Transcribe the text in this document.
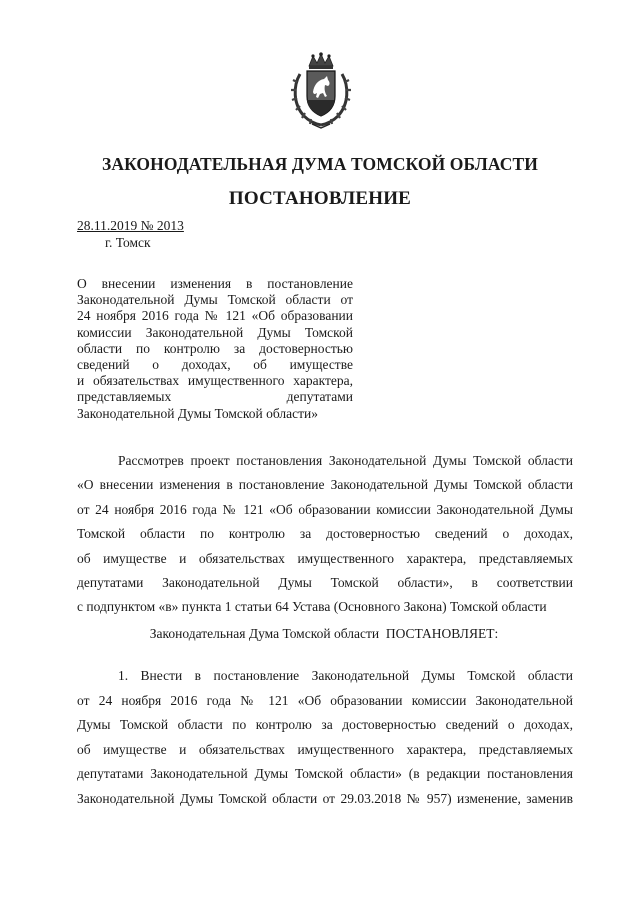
ЗАКОНОДАТЕЛЬНАЯ ДУМА ТОМСКОЙ ОБЛАСТИ
ПОСТАНОВЛЕНИЕ
28.11.2019 № 2013
г. Томск
О внесении изменения в постановление
Законодательной Думы Томской области от
24 ноября 2016 года № 121 «Об образовании
комиссии Законодательной Думы Томской
области по контролю за достоверностью
сведений о доходах, об имуществе
и обязательствах имущественного характера,
представляемых депутатами
Законодательной Думы Томской области»
Рассмотрев проект постановления Законодательной Думы Томской области
«О внесении изменения в постановление Законодательной Думы Томской области
от 24 ноября 2016 года № 121 «Об образовании комиссии Законодательной Думы
Томской области по контролю за достоверностью сведений о доходах,
об имуществе и обязательствах имущественного характера, представляемых
депутатами Законодательной Думы Томской области», в соответствии
с подпунктом «в» пункта 1 статьи 64 Устава (Основного Закона) Томской области
Законодательная Дума Томской области  ПОСТАНОВЛЯЕТ:
1. Внести в постановление Законодательной Думы Томской области
от 24 ноября 2016 года № 121 «Об образовании комиссии Законодательной
Думы Томской области по контролю за достоверностью сведений о доходах,
об имуществе и обязательствах имущественного характера, представляемых
депутатами Законодательной Думы Томской области» (в редакции постановления
Законодательной Думы Томской области от 29.03.2018 № 957) изменение, заменив
